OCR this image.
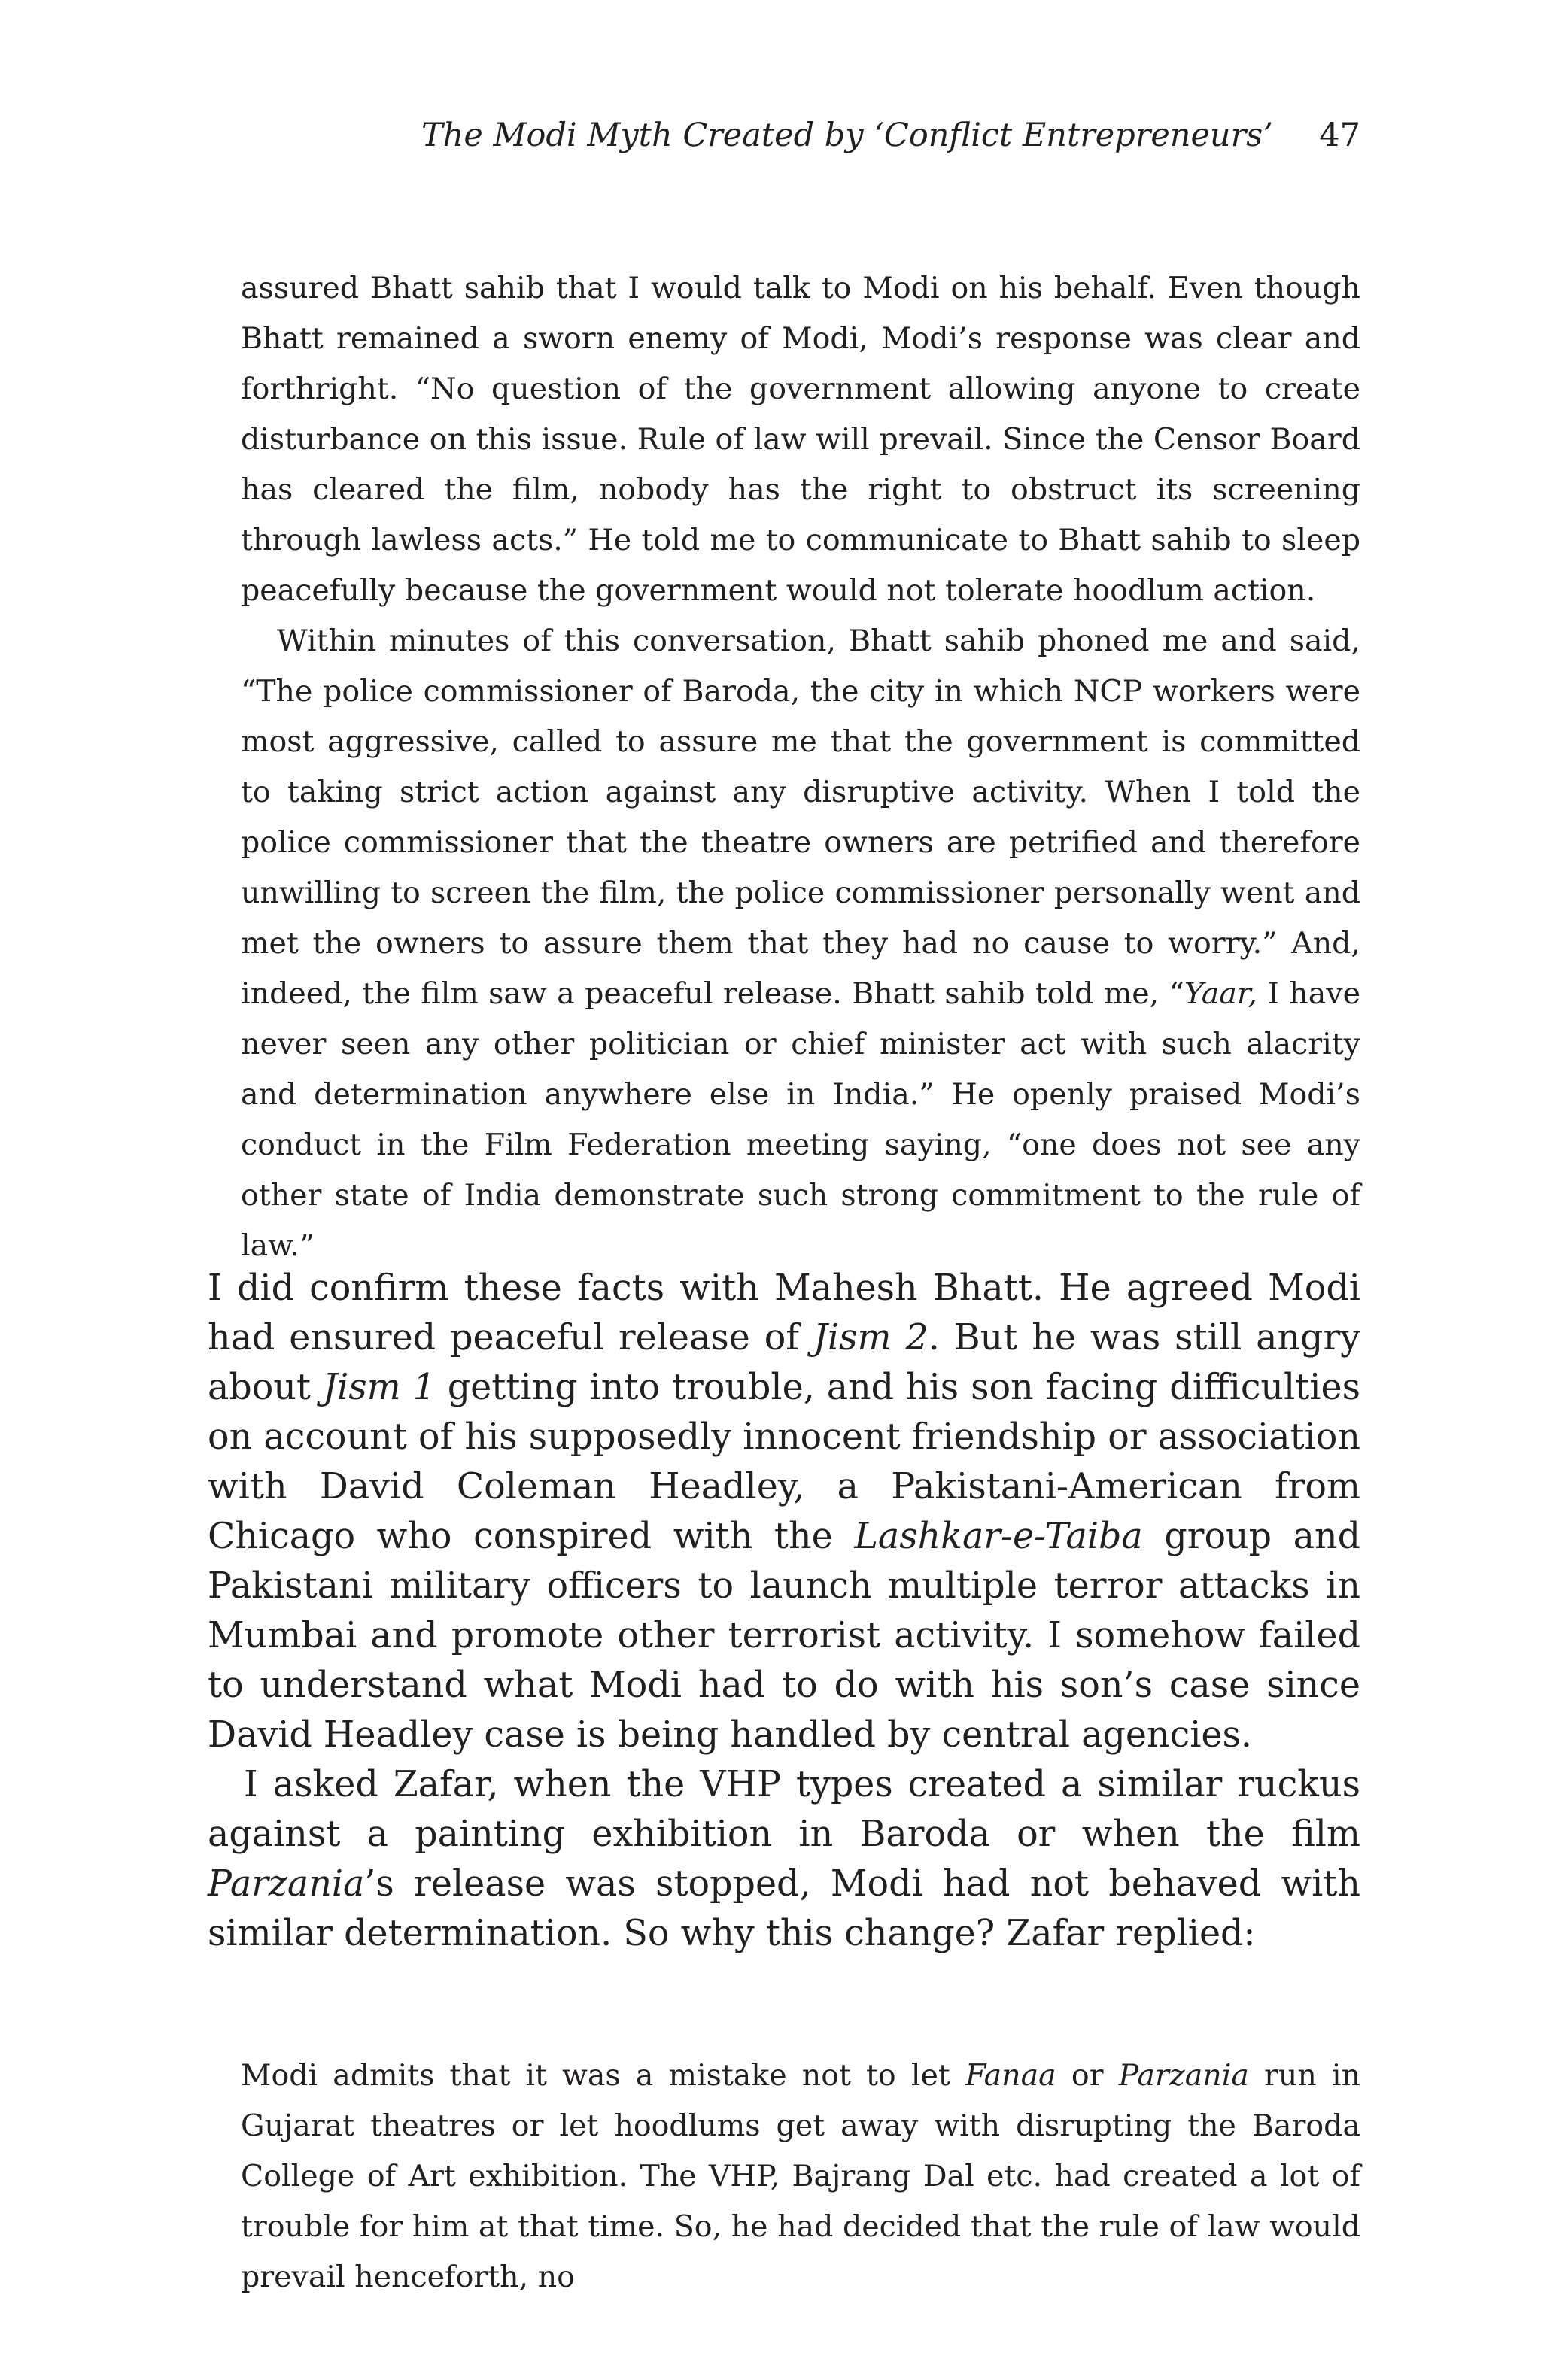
The Modi Myth Created by ‘Conflict Entrepreneurs’ 47

assured Bhatt sahib that I would talk to Modi on his behalf. Even though Bhatt remained a sworn enemy of Modi, Modi’s response was clear and forthright. “No question of the government allowing anyone to create disturbance on this issue. Rule of law will prevail. Since the Censor Board has cleared the film, nobody has the right to obstruct its screening through lawless acts.” He told me to communicate to Bhatt sahib to sleep peacefully because the government would not tolerate hoodlum action.

Within minutes of this conversation, Bhatt sahib phoned me and said, “The police commissioner of Baroda, the city in which NCP workers were most aggressive, called to assure me that the government is committed to taking strict action against any disruptive activity. When I told the police commissioner that the theatre owners are petrified and therefore unwilling to screen the film, the police commissioner personally went and met the owners to assure them that they had no cause to worry.” And, indeed, the film saw a peaceful release. Bhatt sahib told me, “Yaar, I have never seen any other politician or chief minister act with such alacrity and determination anywhere else in India.” He openly praised Modi’s conduct in the Film Federation meeting saying, “one does not see any other state of India demonstrate such strong commitment to the rule of law.”

I did confirm these facts with Mahesh Bhatt. He agreed Modi had ensured peaceful release of Jism 2. But he was still angry about Jism 1 getting into trouble, and his son facing difficulties on account of his supposedly innocent friendship or association with David Coleman Headley, a Pakistani-American from Chicago who conspired with the Lashkar-e-Taiba group and Pakistani military officers to launch multiple terror attacks in Mumbai and promote other terrorist activity. I somehow failed to understand what Modi had to do with his son’s case since David Headley case is being handled by central agencies.

I asked Zafar, when the VHP types created a similar ruckus against a painting exhibition in Baroda or when the film Parzania’s release was stopped, Modi had not behaved with similar determination. So why this change? Zafar replied:

Modi admits that it was a mistake not to let Fanaa or Parzania run in Gujarat theatres or let hoodlums get away with disrupting the Baroda College of Art exhibition. The VHP, Bajrang Dal etc. had created a lot of trouble for him at that time. So, he had decided that the rule of law would prevail henceforth, no
